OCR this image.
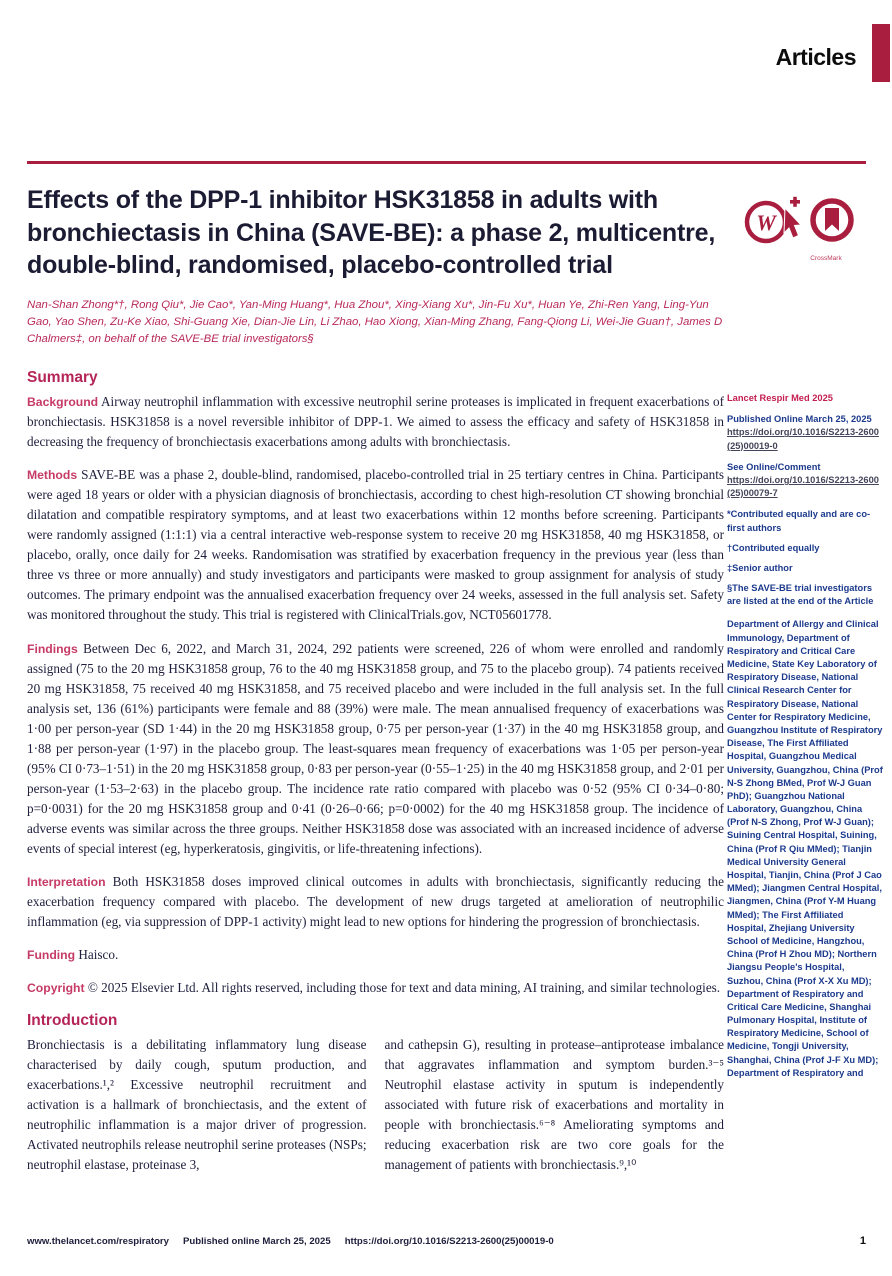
Articles
W
CrossMark
Effects of the DPP-1 inhibitor HSK31858 in adults with bronchiectasis in China (SAVE-BE): a phase 2, multicentre, double-blind, randomised, placebo-controlled trial

Nan-Shan Zhong*†, Rong Qiu*, Jie Cao*, Yan-Ming Huang*, Hua Zhou*, Xing-Xiang Xu*, Jin-Fu Xu*, Huan Ye, Zhi-Ren Yang, Ling-Yun Gao, Yao Shen, Zu-Ke Xiao, Shi-Guang Xie, Dian-Jie Lin, Li Zhao, Hao Xiong, Xian-Ming Zhang, Fang-Qiong Li, Wei-Jie Guan†, James D Chalmers‡, on behalf of the SAVE-BE trial investigators§

Summary

Background Airway neutrophil inflammation with excessive neutrophil serine proteases is implicated in frequent exacerbations of bronchiectasis. HSK31858 is a novel reversible inhibitor of DPP-1. We aimed to assess the efficacy and safety of HSK31858 in decreasing the frequency of bronchiectasis exacerbations among adults with bronchiectasis.

Methods SAVE-BE was a phase 2, double-blind, randomised, placebo-controlled trial in 25 tertiary centres in China. Participants were aged 18 years or older with a physician diagnosis of bronchiectasis, according to chest high-resolution CT showing bronchial dilatation and compatible respiratory symptoms, and at least two exacerbations within 12 months before screening. Participants were randomly assigned (1:1:1) via a central interactive web-response system to receive 20 mg HSK31858, 40 mg HSK31858, or placebo, orally, once daily for 24 weeks. Randomisation was stratified by exacerbation frequency in the previous year (less than three vs three or more annually) and study investigators and participants were masked to group assignment for analysis of study outcomes. The primary endpoint was the annualised exacerbation frequency over 24 weeks, assessed in the full analysis set. Safety was monitored throughout the study. This trial is registered with ClinicalTrials.gov, NCT05601778.

Findings Between Dec 6, 2022, and March 31, 2024, 292 patients were screened, 226 of whom were enrolled and randomly assigned (75 to the 20 mg HSK31858 group, 76 to the 40 mg HSK31858 group, and 75 to the placebo group). 74 patients received 20 mg HSK31858, 75 received 40 mg HSK31858, and 75 received placebo and were included in the full analysis set. In the full analysis set, 136 (61%) participants were female and 88 (39%) were male. The mean annualised frequency of exacerbations was 1·00 per person-year (SD 1·44) in the 20 mg HSK31858 group, 0·75 per person-year (1·37) in the 40 mg HSK31858 group, and 1·88 per person-year (1·97) in the placebo group. The least-squares mean frequency of exacerbations was 1·05 per person-year (95% CI 0·73–1·51) in the 20 mg HSK31858 group, 0·83 per person-year (0·55–1·25) in the 40 mg HSK31858 group, and 2·01 per person-year (1·53–2·63) in the placebo group. The incidence rate ratio compared with placebo was 0·52 (95% CI 0·34–0·80; p=0·0031) for the 20 mg HSK31858 group and 0·41 (0·26–0·66; p=0·0002) for the 40 mg HSK31858 group. The incidence of adverse events was similar across the three groups. Neither HSK31858 dose was associated with an increased incidence of adverse events of special interest (eg, hyperkeratosis, gingivitis, or life-threatening infections).

Interpretation Both HSK31858 doses improved clinical outcomes in adults with bronchiectasis, significantly reducing the exacerbation frequency compared with placebo. The development of new drugs targeted at amelioration of neutrophilic inflammation (eg, via suppression of DPP-1 activity) might lead to new options for hindering the progression of bronchiectasis.

Funding Haisco.

Copyright © 2025 Elsevier Ltd. All rights reserved, including those for text and data mining, AI training, and similar technologies.

Introduction

Bronchiectasis is a debilitating inflammatory lung disease characterised by daily cough, sputum production, and exacerbations.¹,² Excessive neutrophil recruitment and activation is a hallmark of bronchiectasis, and the extent of neutrophilic inflammation is a major driver of progression. Activated neutrophils release neutrophil serine proteases (NSPs; neutrophil elastase, proteinase 3,

and cathepsin G), resulting in protease–antiprotease imbalance that aggravates inflammation and symptom burden.³⁻⁵ Neutrophil elastase activity in sputum is independently associated with future risk of exacerbations and mortality in people with bronchiectasis.⁶⁻⁸ Ameliorating symptoms and reducing exacerbation risk are two core goals for the management of patients with bronchiectasis.⁹,¹⁰

Lancet Respir Med 2025
Published Online March 25, 2025
https://doi.org/10.1016/S2213-2600(25)00019-0
See Online/Comment
https://doi.org/10.1016/S2213-2600(25)00079-7
*Contributed equally and are co-first authors
†Contributed equally
‡Senior author
§The SAVE-BE trial investigators are listed at the end of the Article
Department of Allergy and Clinical Immunology, Department of Respiratory and Critical Care Medicine, State Key Laboratory of Respiratory Disease, National Clinical Research Center for Respiratory Disease, National Center for Respiratory Medicine, Guangzhou Institute of Respiratory Disease, The First Affiliated Hospital, Guangzhou Medical University, Guangzhou, China (Prof N-S Zhong BMed, Prof W-J Guan PhD); Guangzhou National Laboratory, Guangzhou, China (Prof N-S Zhong, Prof W-J Guan); Suining Central Hospital, Suining, China (Prof R Qiu MMed); Tianjin Medical University General Hospital, Tianjin, China (Prof J Cao MMed); Jiangmen Central Hospital, Jiangmen, China (Prof Y-M Huang MMed); The First Affiliated Hospital, Zhejiang University School of Medicine, Hangzhou, China (Prof H Zhou MD); Northern Jiangsu People's Hospital, Suzhou, China (Prof X-X Xu MD); Department of Respiratory and Critical Care Medicine, Shanghai Pulmonary Hospital, Institute of Respiratory Medicine, School of Medicine, Tongji University, Shanghai, China (Prof J-F Xu MD); Department of Respiratory and
www.thelancet.com/respiratory Published online March 25, 2025 https://doi.org/10.1016/S2213-2600(25)00019-0	1
